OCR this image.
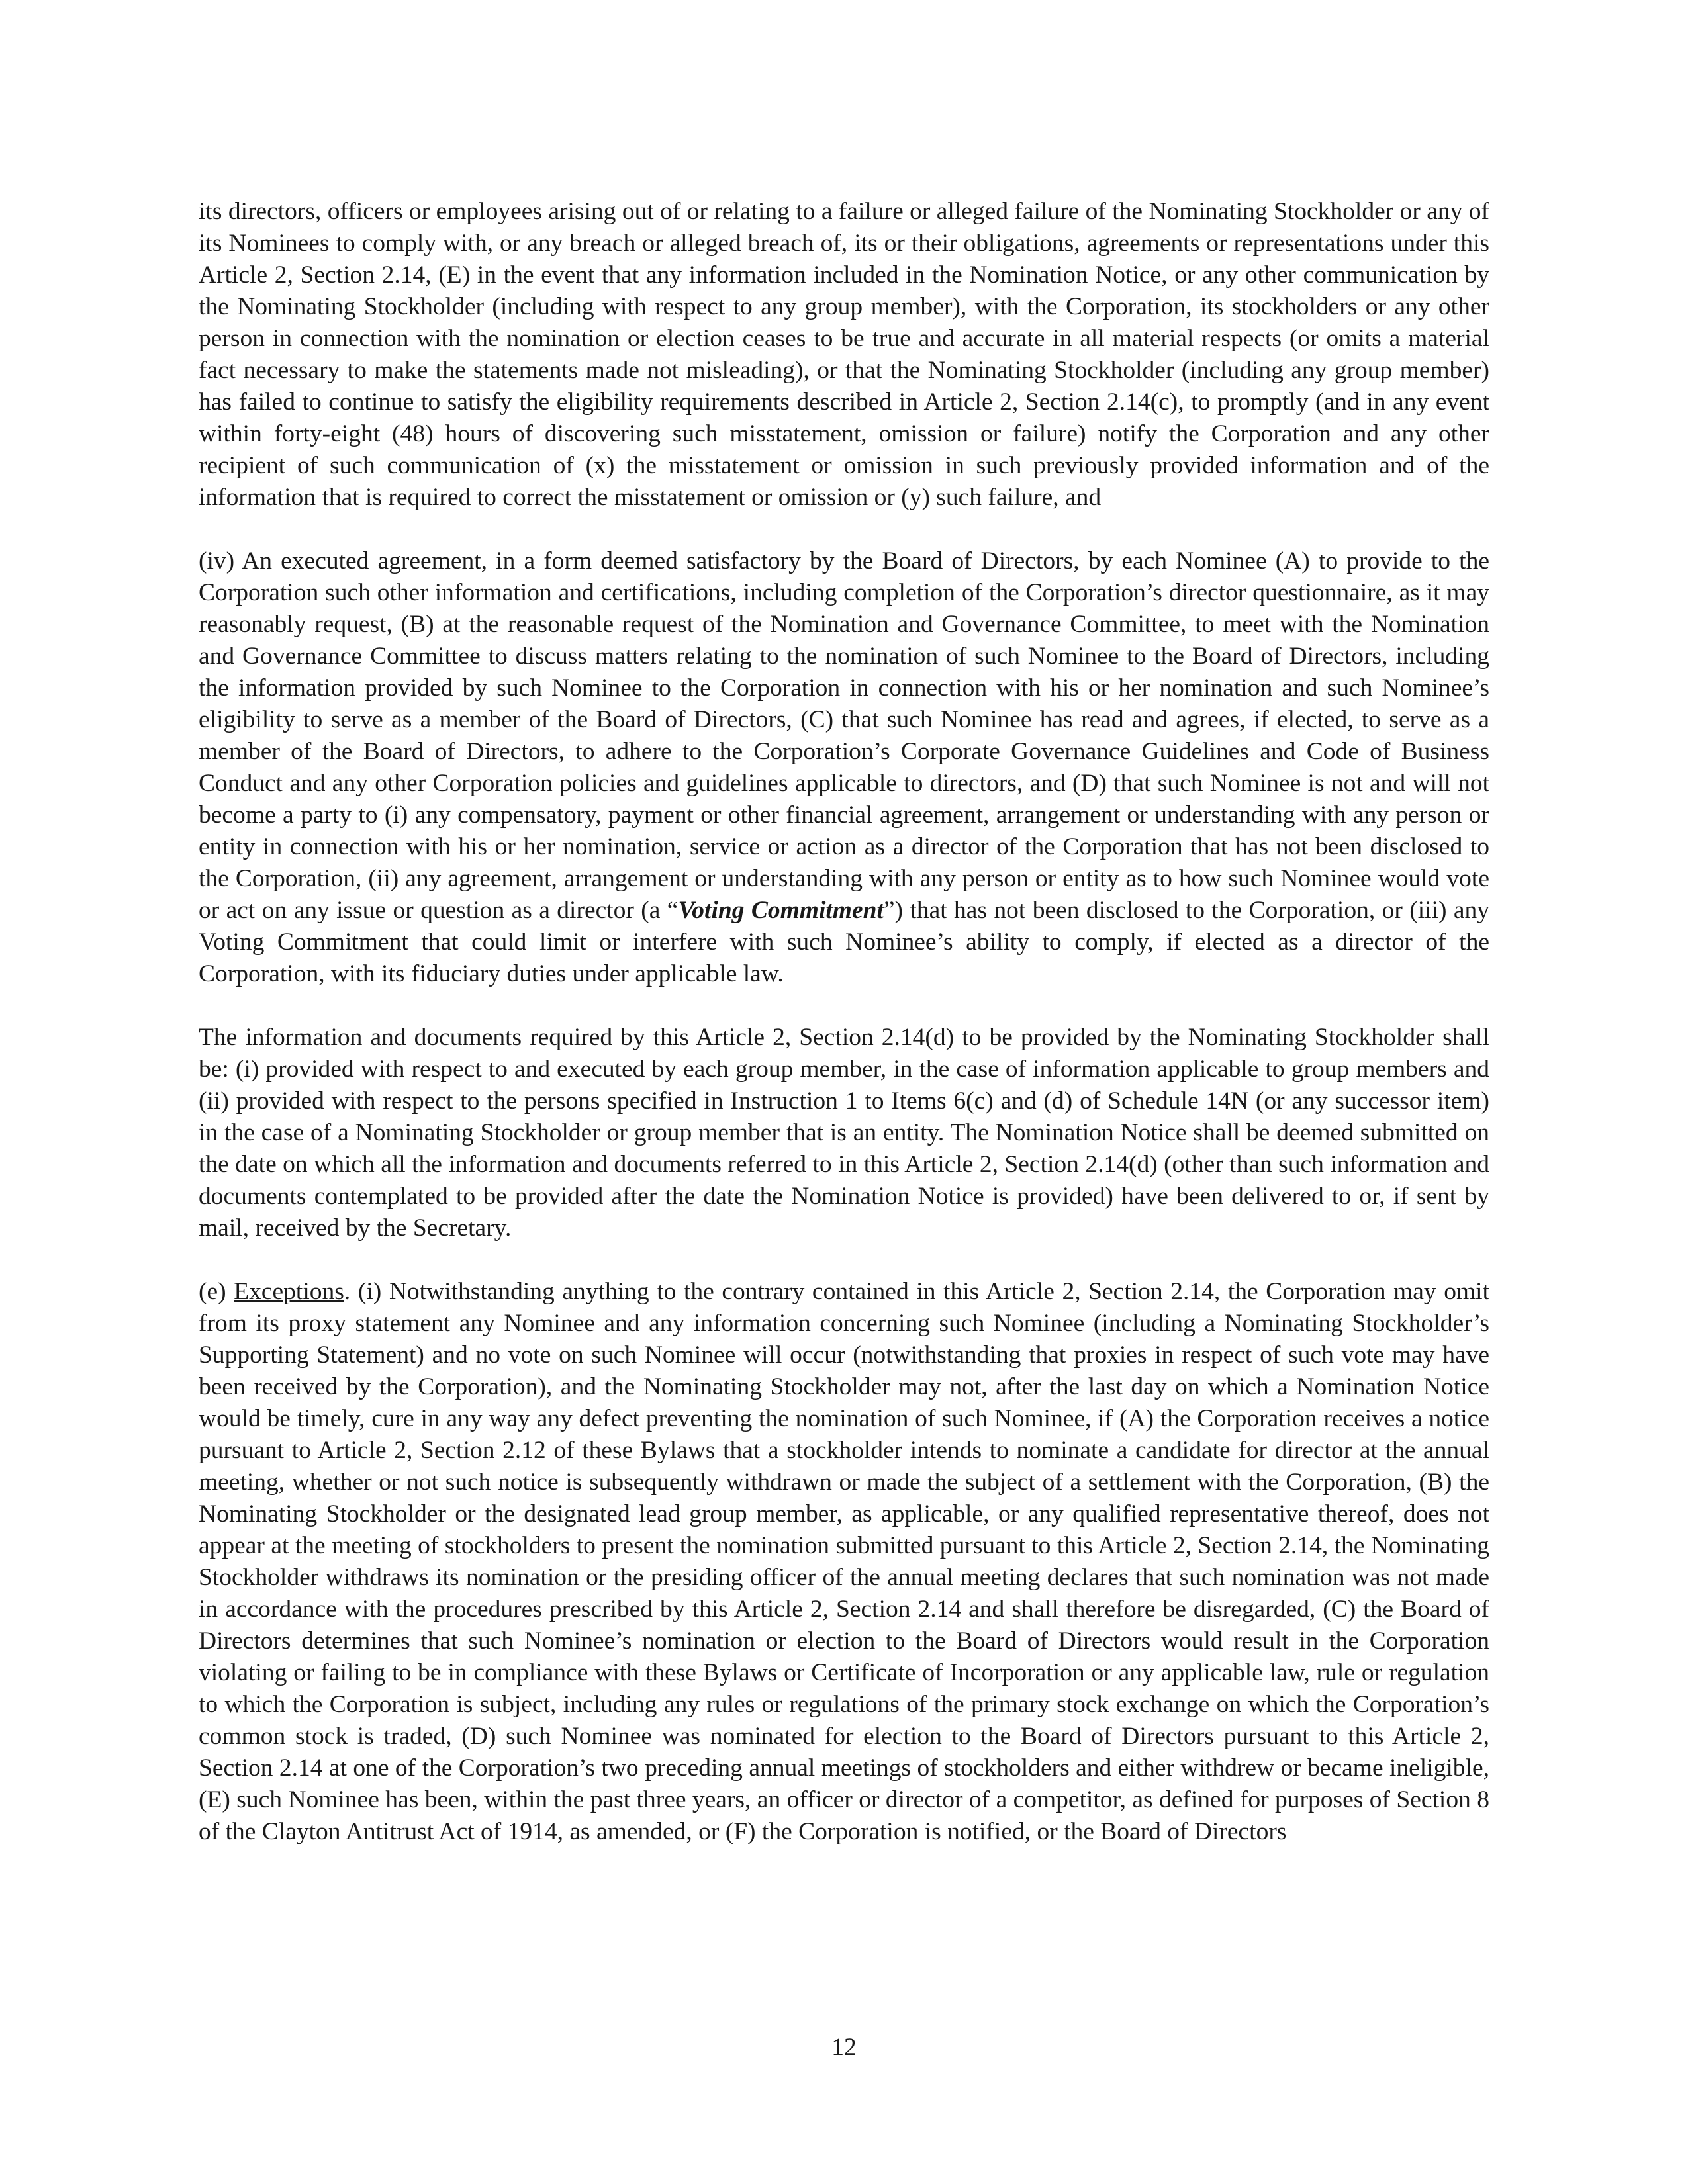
its directors, officers or employees arising out of or relating to a failure or alleged failure of the Nominating Stockholder or any of its Nominees to comply with, or any breach or alleged breach of, its or their obligations, agreements or representations under this Article 2, Section 2.14, (E) in the event that any information included in the Nomination Notice, or any other communication by the Nominating Stockholder (including with respect to any group member), with the Corporation, its stockholders or any other person in connection with the nomination or election ceases to be true and accurate in all material respects (or omits a material fact necessary to make the statements made not misleading), or that the Nominating Stockholder (including any group member) has failed to continue to satisfy the eligibility requirements described in Article 2, Section 2.14(c), to promptly (and in any event within forty-eight (48) hours of discovering such misstatement, omission or failure) notify the Corporation and any other recipient of such communication of (x) the misstatement or omission in such previously provided information and of the information that is required to correct the misstatement or omission or (y) such failure, and

(iv) An executed agreement, in a form deemed satisfactory by the Board of Directors, by each Nominee (A) to provide to the Corporation such other information and certifications, including completion of the Corporation’s director questionnaire, as it may reasonably request, (B) at the reasonable request of the Nomination and Governance Committee, to meet with the Nomination and Governance Committee to discuss matters relating to the nomination of such Nominee to the Board of Directors, including the information provided by such Nominee to the Corporation in connection with his or her nomination and such Nominee’s eligibility to serve as a member of the Board of Directors, (C) that such Nominee has read and agrees, if elected, to serve as a member of the Board of Directors, to adhere to the Corporation’s Corporate Governance Guidelines and Code of Business Conduct and any other Corporation policies and guidelines applicable to directors, and (D) that such Nominee is not and will not become a party to (i) any compensatory, payment or other financial agreement, arrangement or understanding with any person or entity in connection with his or her nomination, service or action as a director of the Corporation that has not been disclosed to the Corporation, (ii) any agreement, arrangement or understanding with any person or entity as to how such Nominee would vote or act on any issue or question as a director (a “Voting Commitment”) that has not been disclosed to the Corporation, or (iii) any Voting Commitment that could limit or interfere with such Nominee’s ability to comply, if elected as a director of the Corporation, with its fiduciary duties under applicable law.

The information and documents required by this Article 2, Section 2.14(d) to be provided by the Nominating Stockholder shall be: (i) provided with respect to and executed by each group member, in the case of information applicable to group members and (ii) provided with respect to the persons specified in Instruction 1 to Items 6(c) and (d) of Schedule 14N (or any successor item) in the case of a Nominating Stockholder or group member that is an entity. The Nomination Notice shall be deemed submitted on the date on which all the information and documents referred to in this Article 2, Section 2.14(d) (other than such information and documents contemplated to be provided after the date the Nomination Notice is provided) have been delivered to or, if sent by mail, received by the Secretary.

(e) Exceptions. (i) Notwithstanding anything to the contrary contained in this Article 2, Section 2.14, the Corporation may omit from its proxy statement any Nominee and any information concerning such Nominee (including a Nominating Stockholder’s Supporting Statement) and no vote on such Nominee will occur (notwithstanding that proxies in respect of such vote may have been received by the Corporation), and the Nominating Stockholder may not, after the last day on which a Nomination Notice would be timely, cure in any way any defect preventing the nomination of such Nominee, if (A) the Corporation receives a notice pursuant to Article 2, Section 2.12 of these Bylaws that a stockholder intends to nominate a candidate for director at the annual meeting, whether or not such notice is subsequently withdrawn or made the subject of a settlement with the Corporation, (B) the Nominating Stockholder or the designated lead group member, as applicable, or any qualified representative thereof, does not appear at the meeting of stockholders to present the nomination submitted pursuant to this Article 2, Section 2.14, the Nominating Stockholder withdraws its nomination or the presiding officer of the annual meeting declares that such nomination was not made in accordance with the procedures prescribed by this Article 2, Section 2.14 and shall therefore be disregarded, (C) the Board of Directors determines that such Nominee’s nomination or election to the Board of Directors would result in the Corporation violating or failing to be in compliance with these Bylaws or Certificate of Incorporation or any applicable law, rule or regulation to which the Corporation is subject, including any rules or regulations of the primary stock exchange on which the Corporation’s common stock is traded, (D) such Nominee was nominated for election to the Board of Directors pursuant to this Article 2, Section 2.14 at one of the Corporation’s two preceding annual meetings of stockholders and either withdrew or became ineligible, (E) such Nominee has been, within the past three years, an officer or director of a competitor, as defined for purposes of Section 8 of the Clayton Antitrust Act of 1914, as amended, or (F) the Corporation is notified, or the Board of Directors

12
